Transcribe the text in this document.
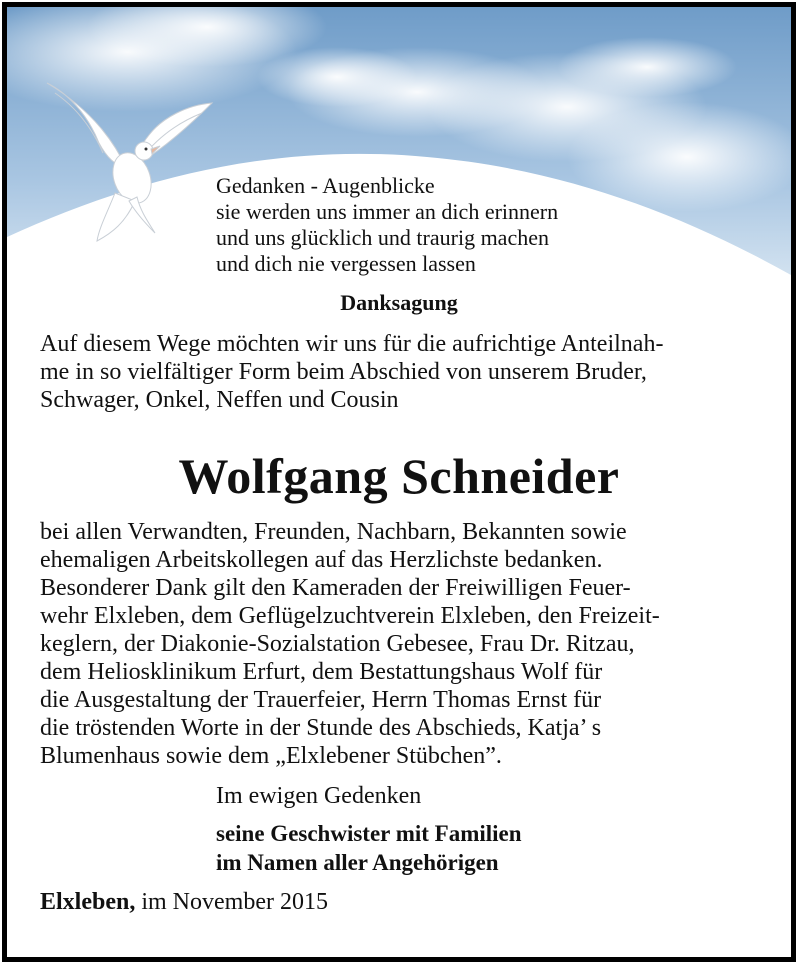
Gedanken - Augenblicke
sie werden uns immer an dich erinnern
und uns glücklich und traurig machen
und dich nie vergessen lassen
Danksagung
Auf diesem Wege möchten wir uns für die aufrichtige Anteilnah-
me in so vielfältiger Form beim Abschied von unserem Bruder,
Schwager, Onkel, Neffen und Cousin
Wolfgang Schneider
bei allen Verwandten, Freunden, Nachbarn, Bekannten sowie
ehemaligen Arbeitskollegen auf das Herzlichste bedanken.
Besonderer Dank gilt den Kameraden der Freiwilligen Feuer-
wehr Elxleben, dem Geflügelzuchtverein Elxleben, den Freizeit-
keglern, der Diakonie-Sozialstation Gebesee, Frau Dr. Ritzau,
dem Heliosklinikum Erfurt, dem Bestattungshaus Wolf für
die Ausgestaltung der Trauerfeier, Herrn Thomas Ernst für
die tröstenden Worte in der Stunde des Abschieds, Katja’ s
Blumenhaus sowie dem „Elxlebener Stübchen”.
Im ewigen Gedenken
seine Geschwister mit Familien
im Namen aller Angehörigen
Elxleben, im November 2015
